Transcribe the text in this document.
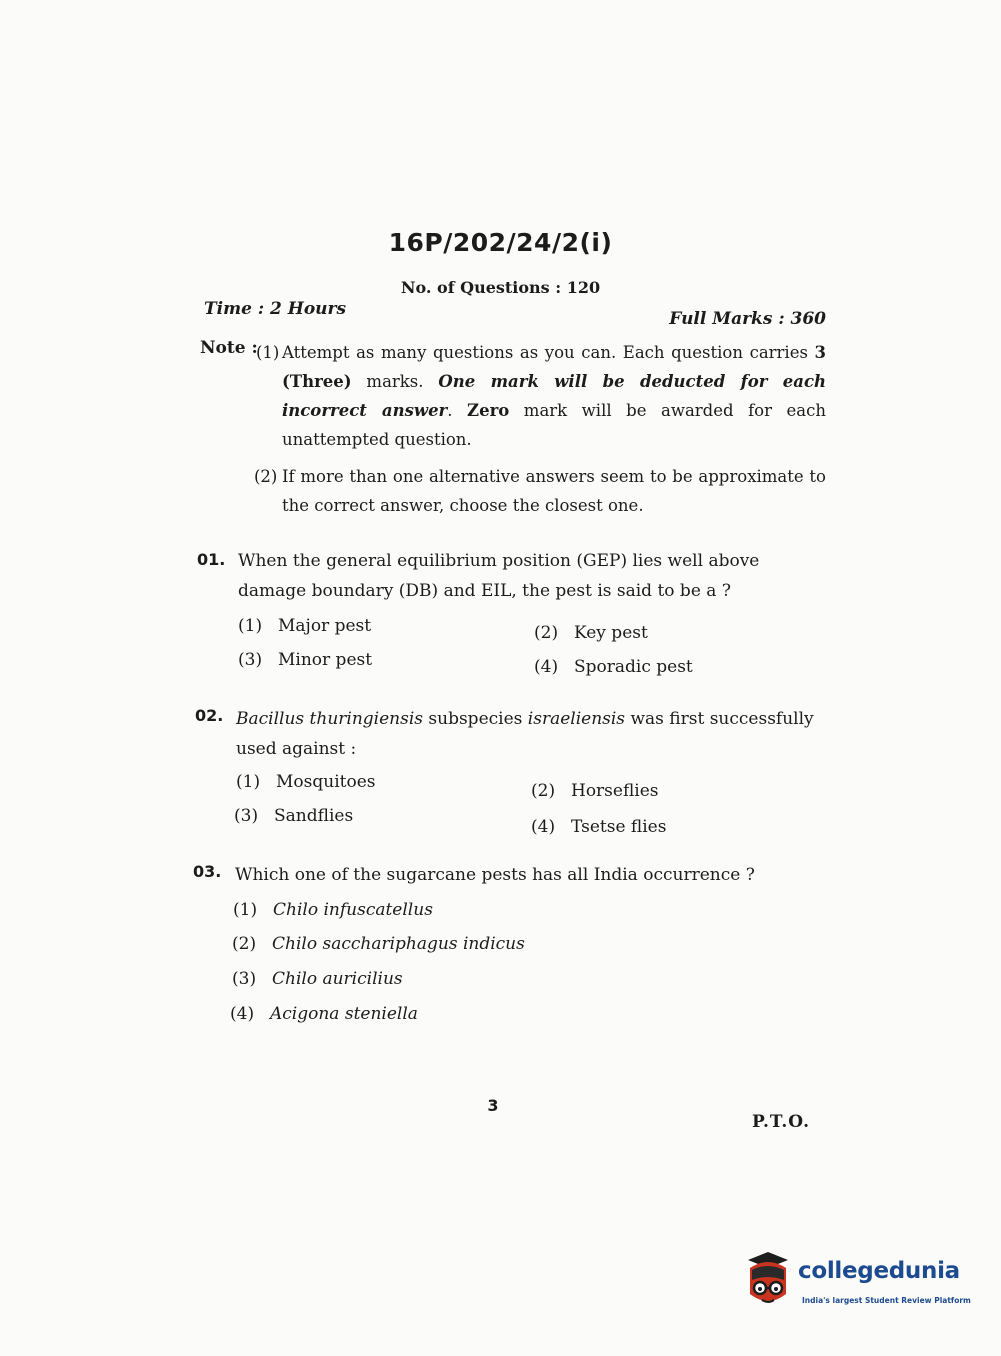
16P/202/24/2(i)
No. of Questions : 120
Time : 2 Hours	Full Marks : 360
Note :
(1) Attempt as many questions as you can. Each question carries 3 (Three) marks. One mark will be deducted for each incorrect answer. Zero mark will be awarded for each unattempted question.
(2) If more than one alternative answers seem to be approximate to the correct answer, choose the closest one.
01. When the general equilibrium position (GEP) lies well above damage boundary (DB) and EIL, the pest is said to be a ?
(1) Major pest	(2) Key pest
(3) Minor pest	(4) Sporadic pest
02. Bacillus thuringiensis subspecies israeliensis was first successfully used against :
(1) Mosquitoes	(2) Horseflies
(3) Sandflies
(4) Tsetse flies
03. Which one of the sugarcane pests has all India occurrence ?
(1) Chilo infuscatellus
(2) Chilo sacchariphagus indicus
(3) Chilo auricilius
(4) Acigona steniella
3
P.T.O.
collegedunia
India's largest Student Review Platform
